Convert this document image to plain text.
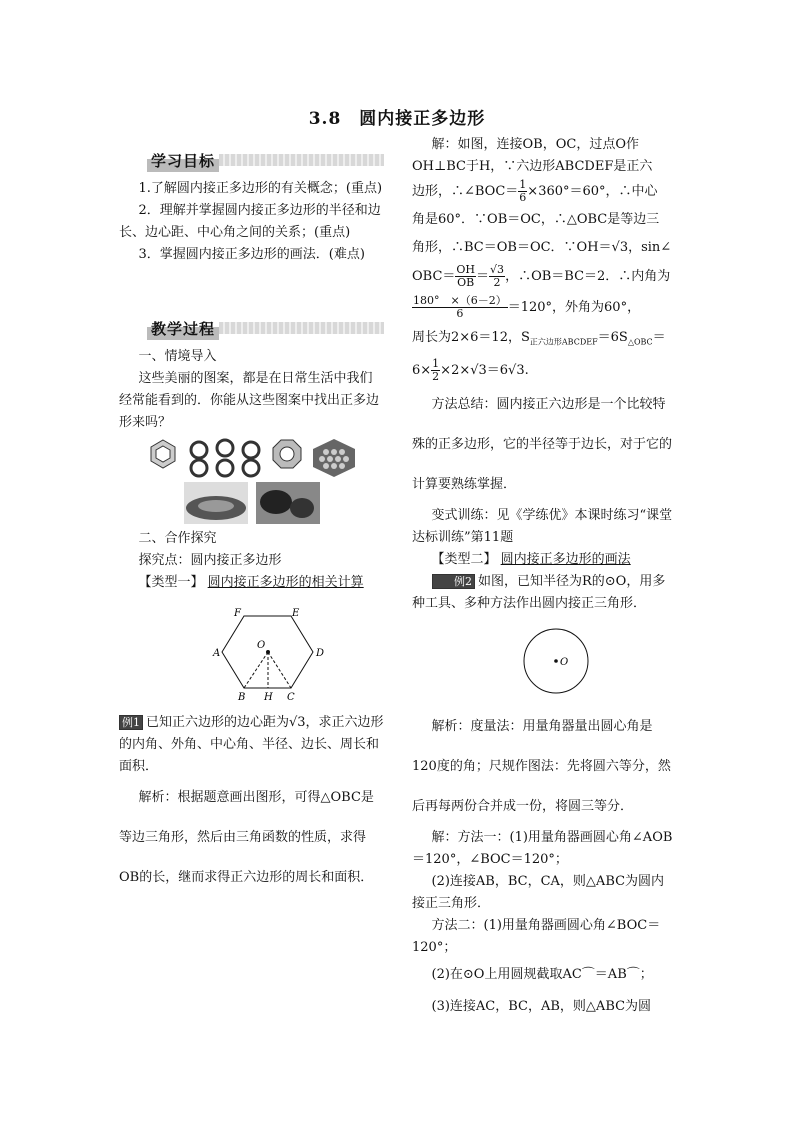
3.8　圆内接正多边形
学习目标

1.了解圆内接正多边形的有关概念；(重点)

2．理解并掌握圆内接正多边形的半径和边长、边心距、中心角之间的关系；(重点)

3．掌握圆内接正多边形的画法．(难点)

教学过程

一、情境导入

这些美丽的图案，都是在日常生活中我们经常能看到的．你能从这些图案中找出正多边形来吗？

二、合作探究

探究点：圆内接正多边形

【类型一】 圆内接正多边形的相关计算

F	E
A	D
O
B H C

例1 已知正六边形的边心距为√3，求正六边形的内角、外角、中心角、半径、边长、周长和面积．

解析：根据题意画出图形，可得△OBC是等边三角形，然后由三角函数的性质，求得OB的长，继而求得正六边形的周长和面积．

解：如图，连接OB，OC，过点O作OH⊥BC于H，∵六边形ABCDEF是正六

边形，∴∠BOC＝ $\frac{1}{6} \times 360^\circ=60^\circ$，∴中心

角是60°．∵OB＝OC，∴△OBC是等边三

角形，∴BC＝OB＝OC．∵OH＝√3，sin∠

$OBC= \frac{OH}{OB} = \frac{√3}{2}$ ，∴OB＝BC＝2．∴内角为

$\frac{180^\circ \times(6-2)}{6} =120^\circ$，外角为60°，

周长为2×6＝12，$S_{正六边形ABCDEF}=6S_{\triangle OBC}=$

$6\times \frac{1}{2} \times 2\times√3=6√3$.

方法总结：圆内接正六边形是一个比较特殊的正多边形，它的半径等于边长，对于它的计算要熟练掌握．

变式训练：见《学练优》本课时练习“课堂达标训练”第11题

【类型二】 圆内接正多边形的画法

例2 如图，已知半径为R的⊙O，用多种工具、多种方法作出圆内接正三角形．

O

解析：度量法：用量角器量出圆心角是120度的角；尺规作图法：先将圆六等分，然后再每两份合并成一份，将圆三等分．

解：方法一：(1)用量角器画圆心角∠AOB＝120°，∠BOC＝120°；

(2)连接AB，BC，CA，则△ABC为圆内接正三角形．

方法二：(1)用量角器画圆心角∠BOC＝120°；

(2)在⊙O上用圆规截取AC⌒＝AB⌒；

(3)连接AC，BC，AB，则△ABC为圆
